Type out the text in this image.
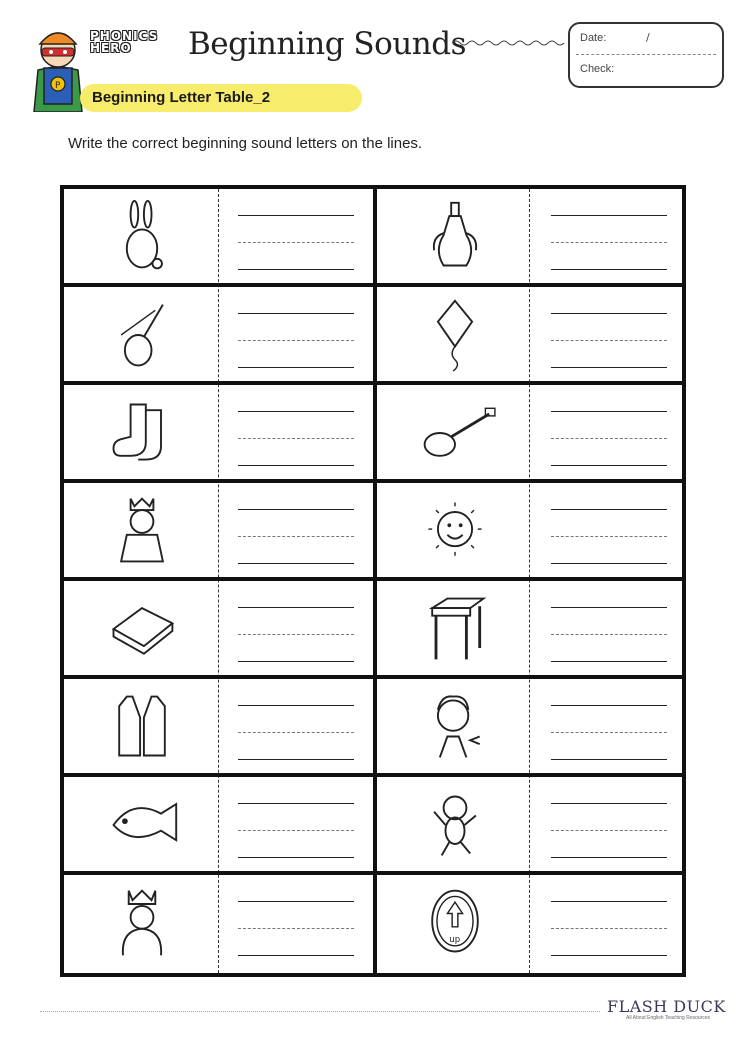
P
PHONICS HERO	Beginning Sounds	Date:	/
Check:
Beginning Letter Table_2
Write the correct beginning sound letters on the lines.
up
FLASH DUCK
All About English Teaching Resources
